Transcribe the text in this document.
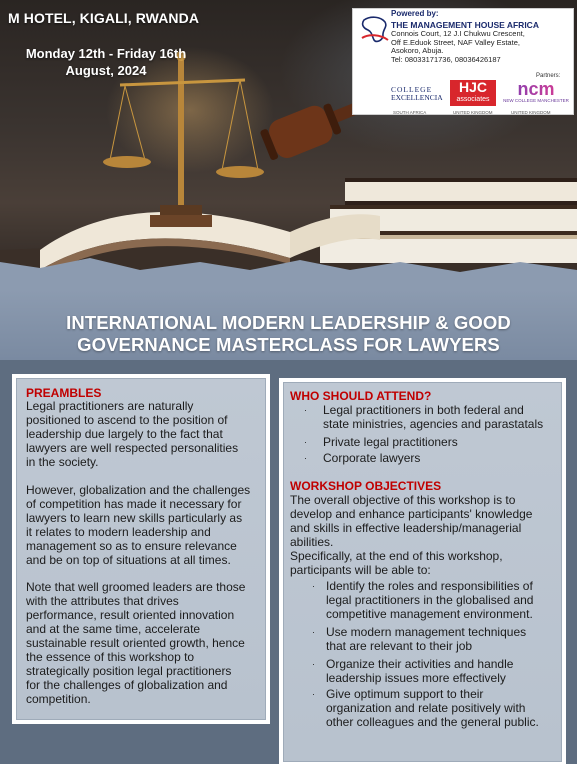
M HOTEL, KIGALI, RWANDA
Monday 12th - Friday 16th
August, 2024
Powered by:
THE MANAGEMENT HOUSE AFRICA
Connois Court, 12 J.I Chukwu Crescent,
Off E.Eduok Street, NAF Valley Estate,
Asokoro, Abuja.
Tel: 08033171736, 08036426187
Partners:
COLLEGE
EXCELLENCIA
HJC
associates
ncm
NEW COLLEGE MANCHESTER
SOUTH AFRICA	UNITED KINGDOM	UNITED KINGDOM
INTERNATIONAL MODERN LEADERSHIP & GOOD
GOVERNANCE MASTERCLASS FOR LAWYERS
PREAMBLES
Legal practitioners are naturally
positioned to ascend to the position of
leadership due largely to the fact that
lawyers are well respected personalities
in the society.
However, globalization and the challenges
of competition has made it necessary for
lawyers to learn new skills particularly as
it relates to modern leadership and
management so as to ensure relevance
and be on top of situations at all times.
Note that well groomed leaders are those
with the attributes that drives
performance, result oriented innovation
and at the same time, accelerate
sustainable result oriented growth, hence
the essence of this workshop to
strategically position legal practitioners
for the challenges of globalization and
competition.
WHO SHOULD ATTEND?
· Legal practitioners in both federal and
state ministries, agencies and parastatals
· Private legal practitioners
· Corporate lawyers
WORKSHOP OBJECTIVES
The overall objective of this workshop is to
develop and enhance participants' knowledge
and skills in effective leadership/managerial
abilities.
Specifically, at the end of this workshop,
participants will be able to:
· Identify the roles and responsibilities of
legal practitioners in the globalised and
competitive management environment.
· Use modern management techniques
that are relevant to their job
· Organize their activities and handle
leadership issues more effectively
· Give optimum support to their
organization and relate positively with
other colleagues and the general public.
